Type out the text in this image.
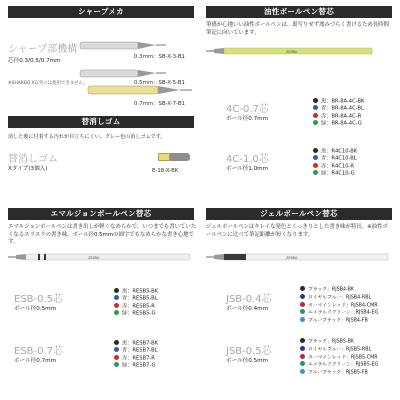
シャープメカ
シャープ部機構
芯径0.3/0.5/0.7mm
※SHARBO X以外には使用できません。
0.3mm：SB-X-3-B1
0.5mm：SB-X-5-B1
0.7mm：SB-X-7-B1
替消しゴム
消した後に付着する汚れが目立ちにくい、グレー色の消しゴムです。
替消しゴム
Xタイプ(3個入)	E-18-X-BK
油性ボールペン替芯
筆感が心地いい油性ボールペンは、裏写りせず滲みづらく書けるため長時間筆記に向いています。
ZEBRA
4C-0.7芯
ボール径0.7mm
黒：BR-8A-4C-BK
青：BR-8A-4C-BL
赤：BR-8A-4C-R
緑：BR-8A-4C-G
4C-1.0芯
ボール径1.0mm
黒：R4C10-BK
青：R4C10-BL
赤：R4C10-R
緑：R4C10-G
エマルジョンボールペン替芯
エマルジョンボールペンは書き出しが軽くなめらかで、いつまでも書いていたくなるスラスラの書き味。ボール径0.5mmの細字でもなめらかな書き心地です。
ZEBRA
ESB-0.5芯
ボール径0.5mm
黒：RESB5-BK
青：RESB5-BL
赤：RESB5-R
緑：RESB5-G
ESB-0.7芯
ボール径0.7mm
黒：RESB7-BK
青：RESB7-BL
赤：RESB7-R
緑：RESB7-G
ジェルボールペン替芯
ジェルボールペンはキレイな発色とくっきりとした書き味が特長。※油性ボールペンに比べて筆記距離が短くなります。
ZEBRA
JSB-0.4芯
ボール径0.4mm
ブラック：RJSB4-BK
ロイヤルブルー：RJSB4-RBL
カーマインレッド：RJSB4-CMR
エメラルドグリーン：RJSB4-EG
ブルーブラック：RJSB4-FB
JSB-0.5芯
ボール径0.5mm
ブラック：RJSB5-BK
ロイヤルブルー：RJSB5-RBL
カーマインレッド：RJSB5-CMR
エメラルドグリーン：RJSB5-EG
ブルーブラック：RJSB5-FB
